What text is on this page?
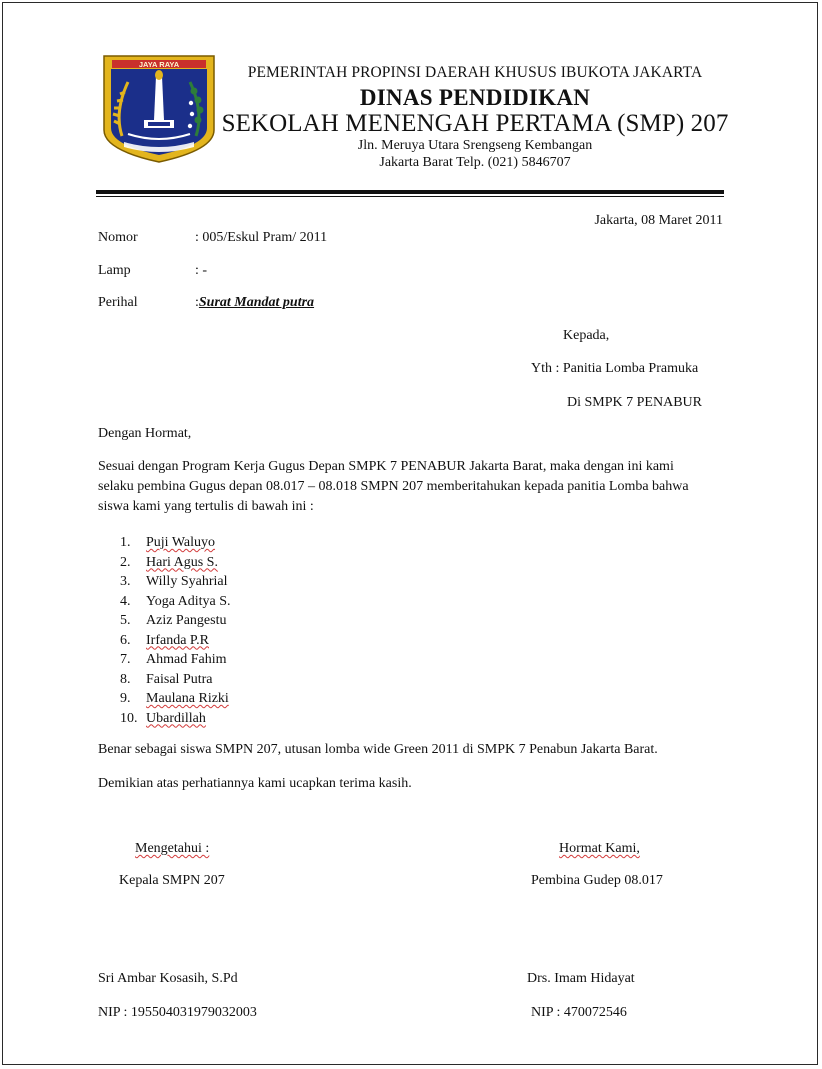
JAYA RAYA	PEMERINTAH PROPINSI DAERAH KHUSUS IBUKOTA JAKARTA
DINAS PENDIDIKAN
SEKOLAH MENENGAH PERTAMA (SMP) 207
Jln. Meruya Utara Srengseng Kembangan
Jakarta Barat Telp. (021) 5846707
Jakarta, 08 Maret 2011
Nomor	: 005/Eskul Pram/ 2011
Lamp	: -
Perihal	:Surat Mandat putra
Kepada,
Yth : Panitia Lomba Pramuka
Di SMPK 7 PENABUR
Dengan Hormat,
Sesuai dengan Program Kerja Gugus Depan SMPK 7 PENABUR Jakarta Barat, maka dengan ini kami
selaku pembina Gugus depan 08.017 – 08.018 SMPN 207 memberitahukan kepada panitia Lomba bahwa
siswa kami yang tertulis di bawah ini :
1. Puji Waluyo
2. Hari Agus S.
3. Willy Syahrial
4. Yoga Aditya S.
5. Aziz Pangestu
6. Irfanda P.R
7. Ahmad Fahim
8. Faisal Putra
9. Maulana Rizki
10. Ubardillah
Benar sebagai siswa SMPN 207, utusan lomba wide Green 2011 di SMPK 7 Penabun Jakarta Barat.
Demikian atas perhatiannya kami ucapkan terima kasih.
Mengetahui :
Kepala SMPN 207
Sri Ambar Kosasih, S.Pd
NIP : 195504031979032003
Hormat Kami,
Pembina Gudep 08.017
Drs. Imam Hidayat
NIP : 470072546
